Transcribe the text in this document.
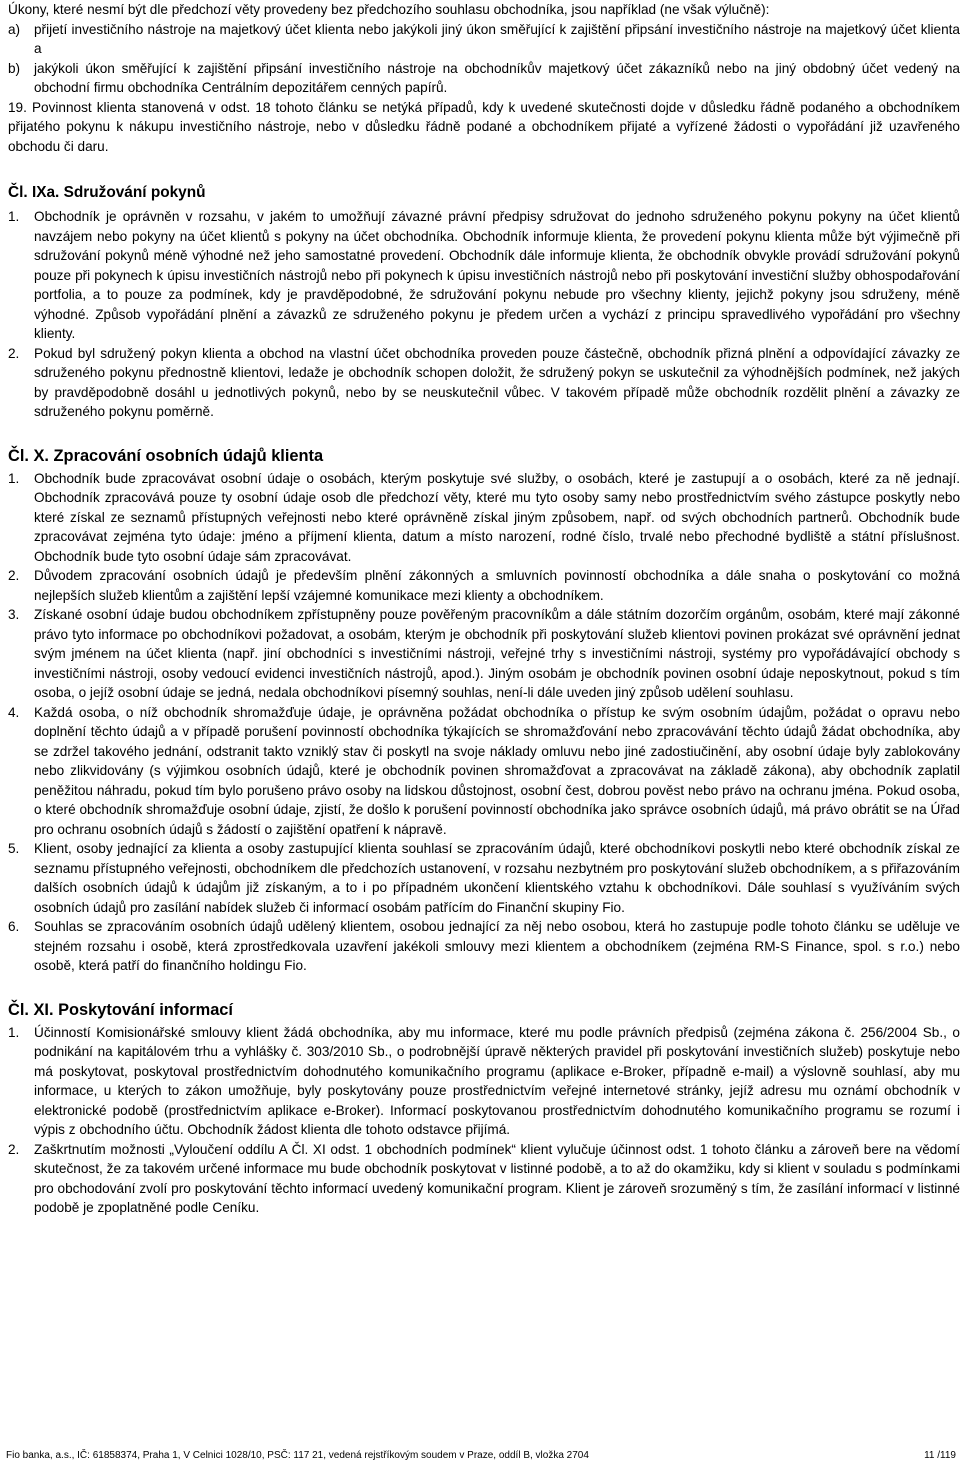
Úkony, které nesmí být dle předchozí věty provedeny bez předchozího souhlasu obchodníka, jsou například (ne však výlučně):

a) přijetí investičního nástroje na majetkový účet klienta nebo jakýkoli jiný úkon směřující k zajištění připsání investičního nástroje na majetkový účet klienta a
b) jakýkoli úkon směřující k zajištění připsání investičního nástroje na obchodníkův majetkový účet zákazníků nebo na jiný obdobný účet vedený na obchodní firmu obchodníka Centrálním depozitářem cenných papírů.
19. Povinnost klienta stanovená v odst. 18 tohoto článku se netýká případů, kdy k uvedené skutečnosti dojde v důsledku řádně podaného a obchodníkem přijatého pokynu k nákupu investičního nástroje, nebo v důsledku řádně podané a obchodníkem přijaté a vyřízené žádosti o vypořádání již uzavřeného obchodu či daru.

Čl. IXa. Sdružování pokynů

1. Obchodník je oprávněn v rozsahu, v jakém to umožňují závazné právní předpisy sdružovat do jednoho sdruženého pokynu pokyny na účet klientů navzájem nebo pokyny na účet klientů s pokyny na účet obchodníka. Obchodník informuje klienta, že provedení pokynu klienta může být výjimečně při sdružování pokynů méně výhodné než jeho samostatné provedení. Obchodník dále informuje klienta, že obchodník obvykle provádí sdružování pokynů pouze při pokynech k úpisu investičních nástrojů nebo při pokynech k úpisu investičních nástrojů nebo při poskytování investiční služby obhospodařování portfolia, a to pouze za podmínek, kdy je pravděpodobné, že sdružování pokynu nebude pro všechny klienty, jejichž pokyny jsou sdruženy, méně výhodné. Způsob vypořádání plnění a závazků ze sdruženého pokynu je předem určen a vychází z principu spravedlivého vypořádání pro všechny klienty.
2. Pokud byl sdružený pokyn klienta a obchod na vlastní účet obchodníka proveden pouze částečně, obchodník přizná plnění a odpovídající závazky ze sdruženého pokynu přednostně klientovi, ledaže je obchodník schopen doložit, že sdružený pokyn se uskutečnil za výhodnějších podmínek, než jakých by pravděpodobně dosáhl u jednotlivých pokynů, nebo by se neuskutečnil vůbec. V takovém případě může obchodník rozdělit plnění a závazky ze sdruženého pokynu poměrně.

Čl. X. Zpracování osobních údajů klienta

1. Obchodník bude zpracovávat osobní údaje o osobách, kterým poskytuje své služby, o osobách, které je zastupují a o osobách, které za ně jednají. Obchodník zpracovává pouze ty osobní údaje osob dle předchozí věty, které mu tyto osoby samy nebo prostřednictvím svého zástupce poskytly nebo které získal ze seznamů přístupných veřejnosti nebo které oprávněně získal jiným způsobem, např. od svých obchodních partnerů. Obchodník bude zpracovávat zejména tyto údaje: jméno a příjmení klienta, datum a místo narození, rodné číslo, trvalé nebo přechodné bydliště a státní příslušnost. Obchodník bude tyto osobní údaje sám zpracovávat.
2. Důvodem zpracování osobních údajů je především plnění zákonných a smluvních povinností obchodníka a dále snaha o poskytování co možná nejlepších služeb klientům a zajištění lepší vzájemné komunikace mezi klienty a obchodníkem.
3. Získané osobní údaje budou obchodníkem zpřístupněny pouze pověřeným pracovníkům a dále státním dozorčím orgánům, osobám, které mají zákonné právo tyto informace po obchodníkovi požadovat, a osobám, kterým je obchodník při poskytování služeb klientovi povinen prokázat své oprávnění jednat svým jménem na účet klienta (např. jiní obchodníci s investičními nástroji, veřejné trhy s investičními nástroji, systémy pro vypořádávající obchody s investičními nástroji, osoby vedoucí evidenci investičních nástrojů, apod.). Jiným osobám je obchodník povinen osobní údaje neposkytnout, pokud s tím osoba, o jejíž osobní údaje se jedná, nedala obchodníkovi písemný souhlas, není-li dále uveden jiný způsob udělení souhlasu.
4. Každá osoba, o níž obchodník shromažďuje údaje, je oprávněna požádat obchodníka o přístup ke svým osobním údajům, požádat o opravu nebo doplnění těchto údajů a v případě porušení povinností obchodníka týkajících se shromažďování nebo zpracovávání těchto údajů žádat obchodníka, aby se zdržel takového jednání, odstranit takto vzniklý stav či poskytl na svoje náklady omluvu nebo jiné zadostiučinění, aby osobní údaje byly zablokovány nebo zlikvidovány (s výjimkou osobních údajů, které je obchodník povinen shromažďovat a zpracovávat na základě zákona), aby obchodník zaplatil peněžitou náhradu, pokud tím bylo porušeno právo osoby na lidskou důstojnost, osobní čest, dobrou pověst nebo právo na ochranu jména. Pokud osoba, o které obchodník shromažďuje osobní údaje, zjistí, že došlo k porušení povinností obchodníka jako správce osobních údajů, má právo obrátit se na Úřad pro ochranu osobních údajů s žádostí o zajištění opatření k nápravě.
5. Klient, osoby jednající za klienta a osoby zastupující klienta souhlasí se zpracováním údajů, které obchodníkovi poskytli nebo které obchodník získal ze seznamu přístupného veřejnosti, obchodníkem dle předchozích ustanovení, v rozsahu nezbytném pro poskytování služeb obchodníkem, a s přiřazováním dalších osobních údajů k údajům již získaným, a to i po případném ukončení klientského vztahu k obchodníkovi. Dále souhlasí s využíváním svých osobních údajů pro zasílání nabídek služeb či informací osobám patřícím do Finanční skupiny Fio.
6. Souhlas se zpracováním osobních údajů udělený klientem, osobou jednající za něj nebo osobou, která ho zastupuje podle tohoto článku se uděluje ve stejném rozsahu i osobě, která zprostředkovala uzavření jakékoli smlouvy mezi klientem a obchodníkem (zejména RM-S Finance, spol. s r.o.) nebo osobě, která patří do finančního holdingu Fio.

Čl. XI. Poskytování informací

1. Účinností Komisionářské smlouvy klient žádá obchodníka, aby mu informace, které mu podle právních předpisů (zejména zákona č. 256/2004 Sb., o podnikání na kapitálovém trhu a vyhlášky č. 303/2010 Sb., o podrobnější úpravě některých pravidel při poskytování investičních služeb) poskytuje nebo má poskytovat, poskytoval prostřednictvím dohodnutého komunikačního programu (aplikace e-Broker, případně e-mail) a výslovně souhlasí, aby mu informace, u kterých to zákon umožňuje, byly poskytovány pouze prostřednictvím veřejné internetové stránky, jejíž adresu mu oznámí obchodník v elektronické podobě (prostřednictvím aplikace e-Broker). Informací poskytovanou prostřednictvím dohodnutého komunikačního programu se rozumí i výpis z obchodního účtu. Obchodník žádost klienta dle tohoto odstavce přijímá.
2. Zaškrtnutím možnosti „Vyloučení oddílu A Čl. XI odst. 1 obchodních podmínek“ klient vylučuje účinnost odst. 1 tohoto článku a zároveň bere na vědomí skutečnost, že za takovém určené informace mu bude obchodník poskytovat v listinné podobě, a to až do okamžiku, kdy si klient v souladu s podmínkami pro obchodování zvolí pro poskytování těchto informací uvedený komunikační program. Klient je zároveň srozuměný s tím, že zasílání informací v listinné podobě je zpoplatněné podle Ceníku.
Fio banka, a.s., IČ: 61858374, Praha 1, V Celnici 1028/10, PSČ: 117 21, vedená rejstříkovým soudem v Praze, oddíl B, vložka 2704	11 /119
